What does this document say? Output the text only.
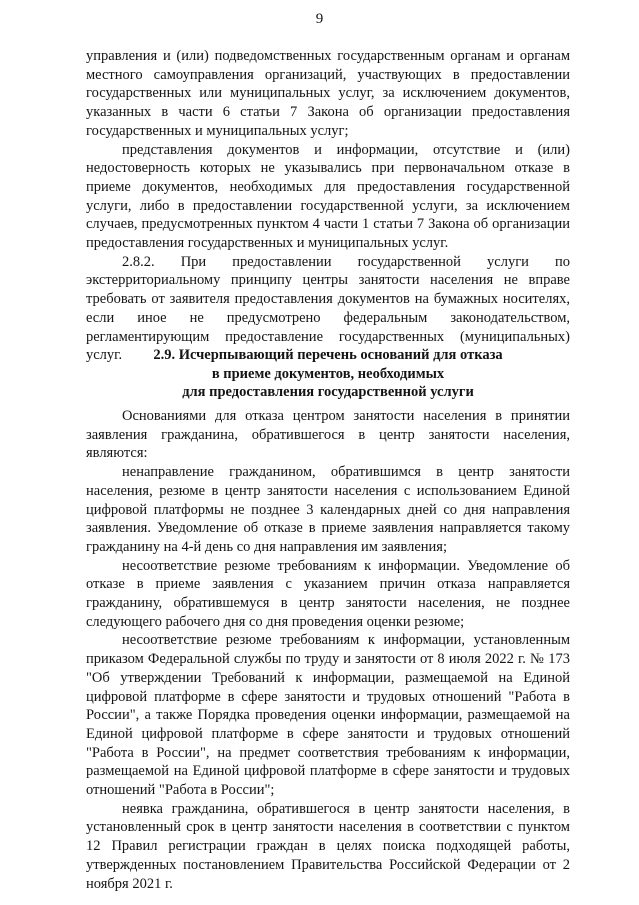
9

управления и (или) подведомственных государственным органам и органам местного самоуправления организаций, участвующих в предоставлении государственных или муниципальных услуг, за исключением документов, указанных в части 6 статьи 7 Закона об организации предоставления государственных и муниципальных услуг;

представления документов и информации, отсутствие и (или) недостоверность которых не указывались при первоначальном отказе в приеме документов, необходимых для предоставления государственной услуги, либо в предоставлении государственной услуги, за исключением случаев, предусмотренных пунктом 4 части 1 статьи 7 Закона об организации предоставления государственных и муниципальных услуг.

2.8.2. При предоставлении государственной услуги по экстерриториальному принципу центры занятости населения не вправе требовать от заявителя предоставления документов на бумажных носителях, если иное не предусмотрено федеральным законодательством, регламентирующим предоставление государственных (муниципальных) услуг.	2.9. Исчерпывающий перечень оснований для отказа
в приеме документов, необходимых
для предоставления государственной услуги

Основаниями для отказа центром занятости населения в принятии заявления гражданина, обратившегося в центр занятости населения, являются:

ненаправление гражданином, обратившимся в центр занятости населения, резюме в центр занятости населения с использованием Единой цифровой платформы не позднее 3 календарных дней со дня направления заявления. Уведомление об отказе в приеме заявления направляется такому гражданину на 4-й день со дня направления им заявления;

несоответствие резюме требованиям к информации. Уведомление об отказе в приеме заявления с указанием причин отказа направляется гражданину, обратившемуся в центр занятости населения, не позднее следующего рабочего дня со дня проведения оценки резюме;

несоответствие резюме требованиям к информации, установленным приказом Федеральной службы по труду и занятости от 8 июля 2022 г. № 173 "Об утверждении Требований к информации, размещаемой на Единой цифровой платформе в сфере занятости и трудовых отношений "Работа в России", а также Порядка проведения оценки информации, размещаемой на Единой цифровой платформе в сфере занятости и трудовых отношений "Работа в России", на предмет соответствия требованиям к информации, размещаемой на Единой цифровой платформе в сфере занятости и трудовых отношений "Работа в России";

неявка гражданина, обратившегося в центр занятости населения, в установленный срок в центр занятости населения в соответствии с пунктом 12 Правил регистрации граждан в целях поиска подходящей работы, утвержденных постановлением Правительства Российской Федерации от 2 ноября 2021 г.
